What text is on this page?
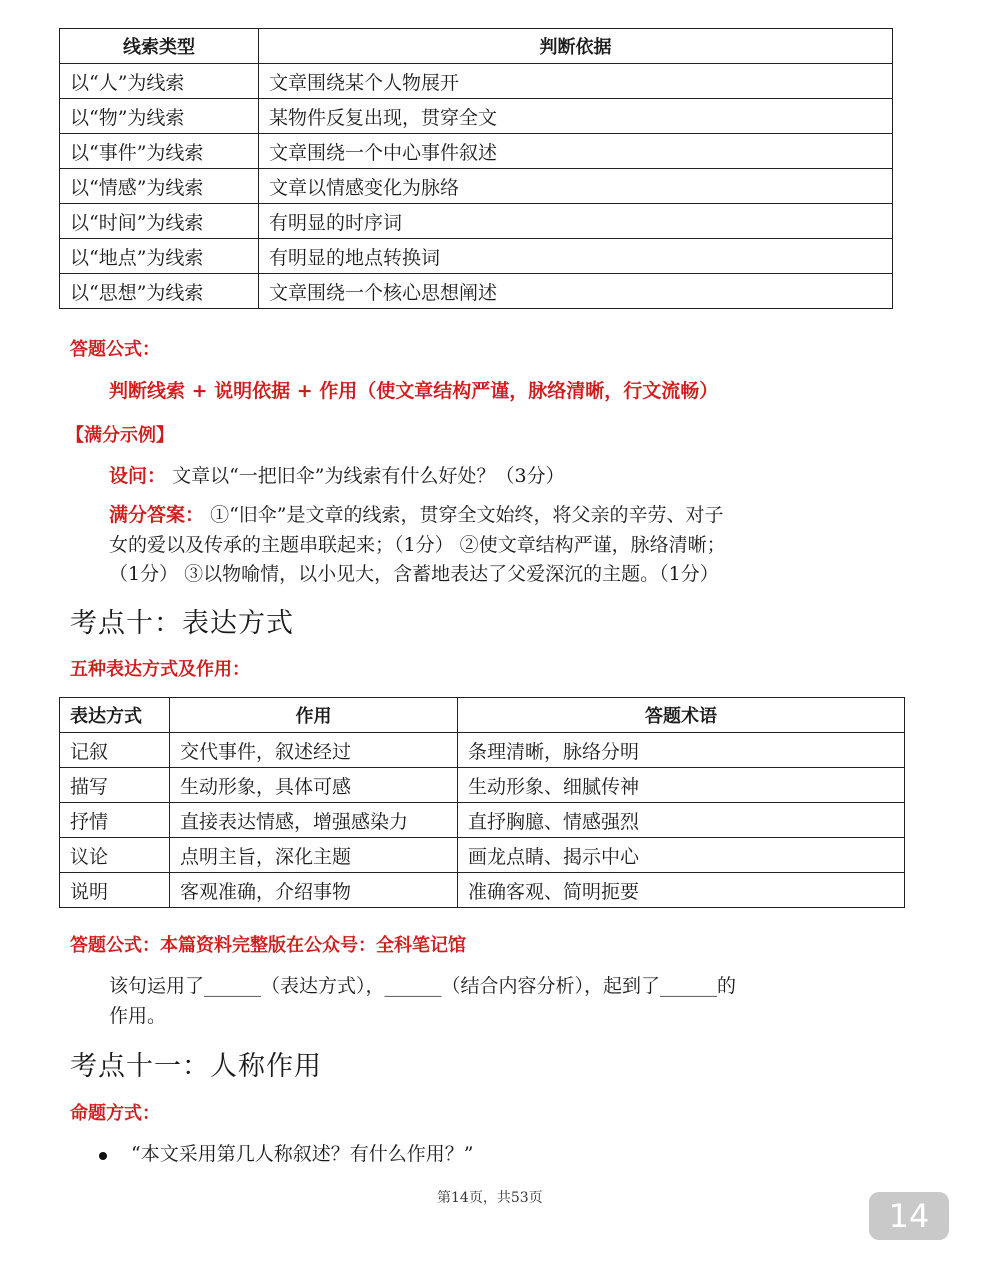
线索类型	判断依据
以“人”为线索	文章围绕某个人物展开
以“物”为线索	某物件反复出现，贯穿全文
以“事件”为线索	文章围绕一个中心事件叙述
以“情感”为线索	文章以情感变化为脉络
以“时间”为线索	有明显的时序词
以“地点”为线索	有明显的地点转换词
以“思想”为线索	文章围绕一个核心思想阐述
答题公式：
判断线索 + 说明依据 + 作用（使文章结构严谨，脉络清晰，行文流畅）
【满分示例】
设问： 文章以“一把旧伞”为线索有什么好处？（3分）
满分答案： ①“旧伞”是文章的线索，贯穿全文始终，将父亲的辛劳、对子
女的爱以及传承的主题串联起来；（1分） ②使文章结构严谨，脉络清晰；
（1分） ③以物喻情，以小见大，含蓄地表达了父爱深沉的主题。（1分）
考点十：表达方式
五种表达方式及作用：
表达方式	作用	答题术语
记叙	交代事件，叙述经过	条理清晰，脉络分明
描写	生动形象，具体可感	生动形象、细腻传神
抒情	直接表达情感，增强感染力	直抒胸臆、情感强烈
议论	点明主旨，深化主题	画龙点睛、揭示中心
说明	客观准确，介绍事物	准确客观、简明扼要
答题公式：本篇资料完整版在公众号：全科笔记馆
该句运用了______（表达方式），______（结合内容分析），起到了______的
作用。
考点十一：人称作用
命题方式：
“本文采用第几人称叙述？有什么作用？”
第14页，共53页	14
